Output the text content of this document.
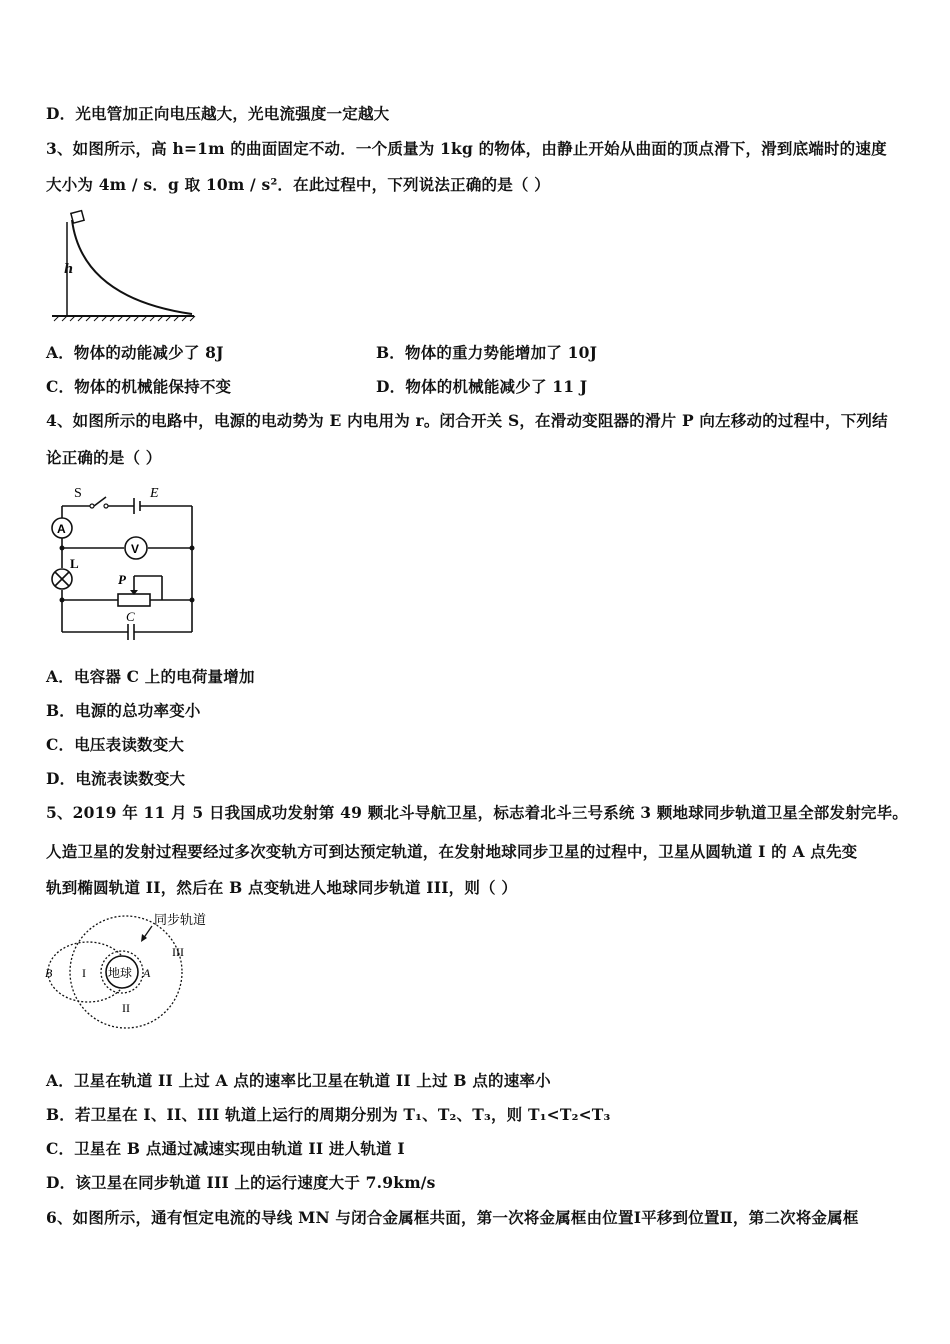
D．光电管加正向电压越大，光电流强度一定越大
3、如图所示，高 h=1m 的曲面固定不动．一个质量为 1kg 的物体，由静止开始从曲面的顶点滑下，滑到底端时的速度
大小为 4m / s．g 取 10m / s²．在此过程中，下列说法正确的是（ ）
h
A．物体的动能减少了 8J	B．物体的重力势能增加了 10J
C．物体的机械能保持不变	D．物体的机械能减少了 11 J
4、如图所示的电路中，电源的电动势为 E 内电用为 r。闭合开关 S，在滑动变阻器的滑片 P 向左移动的过程中，下列结
论正确的是（ ）
S	E
A
V
L
P
C
A．电容器 C 上的电荷量增加
B．电源的总功率变小
C．电压表读数变大
D．电流表读数变大
5、2019 年 11 月 5 日我国成功发射第 49 颗北斗导航卫星，标志着北斗三号系统 3 颗地球同步轨道卫星全部发射完毕。
人造卫星的发射过程要经过多次变轨方可到达预定轨道，在发射地球同步卫星的过程中，卫星从圆轨道 I 的 A 点先变
轨到椭圆轨道 II，然后在 B 点变轨进人地球同步轨道 III，则（ ）
同步轨道
地球
I
II
III
A
B
A．卫星在轨道 II 上过 A 点的速率比卫星在轨道 II 上过 B 点的速率小
B．若卫星在 I、II、III 轨道上运行的周期分别为 T₁、T₂、T₃，则 T₁<T₂<T₃
C．卫星在 B 点通过减速实现由轨道 II 进人轨道 I
D．该卫星在同步轨道 III 上的运行速度大于 7.9km/s
6、如图所示，通有恒定电流的导线 MN 与闭合金属框共面，第一次将金属框由位置Ⅰ平移到位置Ⅱ，第二次将金属框
